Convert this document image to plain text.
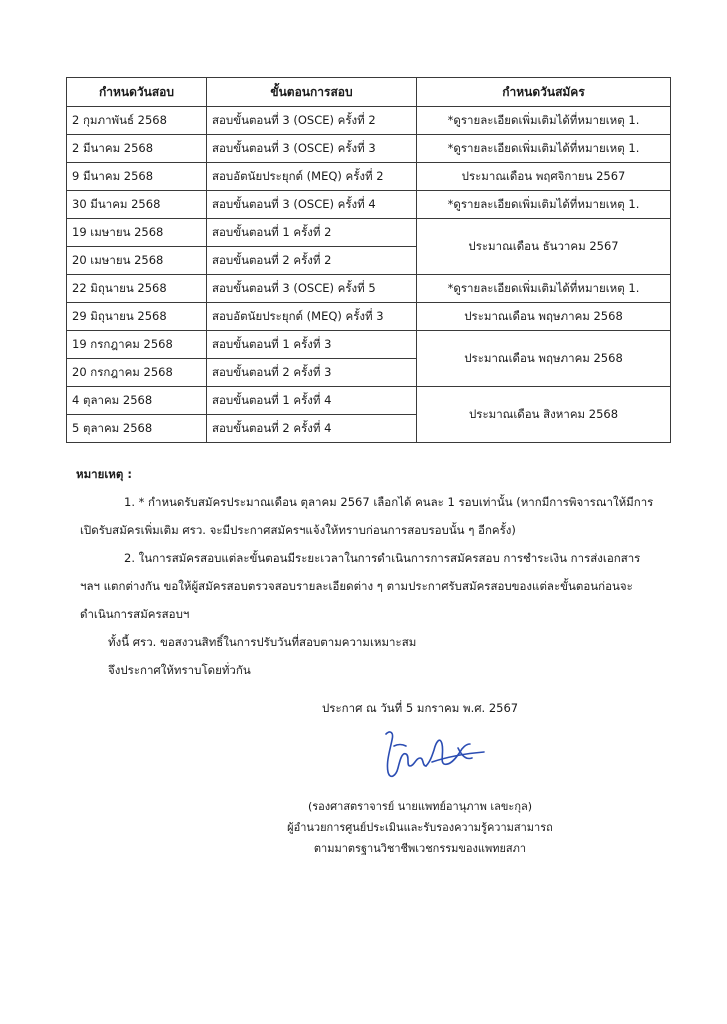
กำหนดวันสอบ	ขั้นตอนการสอบ	กำหนดวันสมัคร
2 กุมภาพันธ์ 2568	สอบขั้นตอนที่ 3 (OSCE) ครั้งที่ 2	*ดูรายละเอียดเพิ่มเติมได้ที่หมายเหตุ 1.
2 มีนาคม 2568	สอบขั้นตอนที่ 3 (OSCE) ครั้งที่ 3	*ดูรายละเอียดเพิ่มเติมได้ที่หมายเหตุ 1.
9 มีนาคม 2568	สอบอัตนัยประยุกต์ (MEQ) ครั้งที่ 2	ประมาณเดือน พฤศจิกายน 2567
30 มีนาคม 2568	สอบขั้นตอนที่ 3 (OSCE) ครั้งที่ 4	*ดูรายละเอียดเพิ่มเติมได้ที่หมายเหตุ 1.
19 เมษายน 2568	สอบขั้นตอนที่ 1 ครั้งที่ 2	ประมาณเดือน ธันวาคม 2567
20 เมษายน 2568	สอบขั้นตอนที่ 2 ครั้งที่ 2	
22 มิถุนายน 2568	สอบขั้นตอนที่ 3 (OSCE) ครั้งที่ 5	*ดูรายละเอียดเพิ่มเติมได้ที่หมายเหตุ 1.
29 มิถุนายน 2568	สอบอัตนัยประยุกต์ (MEQ) ครั้งที่ 3	ประมาณเดือน พฤษภาคม 2568
19 กรกฎาคม 2568	สอบขั้นตอนที่ 1 ครั้งที่ 3	ประมาณเดือน พฤษภาคม 2568
20 กรกฎาคม 2568	สอบขั้นตอนที่ 2 ครั้งที่ 3	
4 ตุลาคม 2568	สอบขั้นตอนที่ 1 ครั้งที่ 4	ประมาณเดือน สิงหาคม 2568
5 ตุลาคม 2568	สอบขั้นตอนที่ 2 ครั้งที่ 4	

หมายเหตุ :

1. * กำหนดรับสมัครประมาณเดือน ตุลาคม 2567 เลือกได้ คนละ 1 รอบเท่านั้น (หากมีการพิจารณาให้มีการ

เปิดรับสมัครเพิ่มเติม ศรว. จะมีประกาศสมัครฯแจ้งให้ทราบก่อนการสอบรอบนั้น ๆ อีกครั้ง)

2. ในการสมัครสอบแต่ละขั้นตอนมีระยะเวลาในการดำเนินการการสมัครสอบ การชำระเงิน การส่งเอกสาร

ฯลฯ แตกต่างกัน ขอให้ผู้สมัครสอบตรวจสอบรายละเอียดต่าง ๆ ตามประกาศรับสมัครสอบของแต่ละขั้นตอนก่อนจะ

ดำเนินการสมัครสอบฯ

ทั้งนี้ ศรว. ขอสงวนสิทธิ์ในการปรับวันที่สอบตามความเหมาะสม

จึงประกาศให้ทราบโดยทั่วกัน

ประกาศ ณ วันที่ 5 มกราคม พ.ศ. 2567

(รองศาสตราจารย์ นายแพทย์อานุภาพ เลขะกุล)

ผู้อำนวยการศูนย์ประเมินและรับรองความรู้ความสามารถ

ตามมาตรฐานวิชาชีพเวชกรรมของแพทยสภา
